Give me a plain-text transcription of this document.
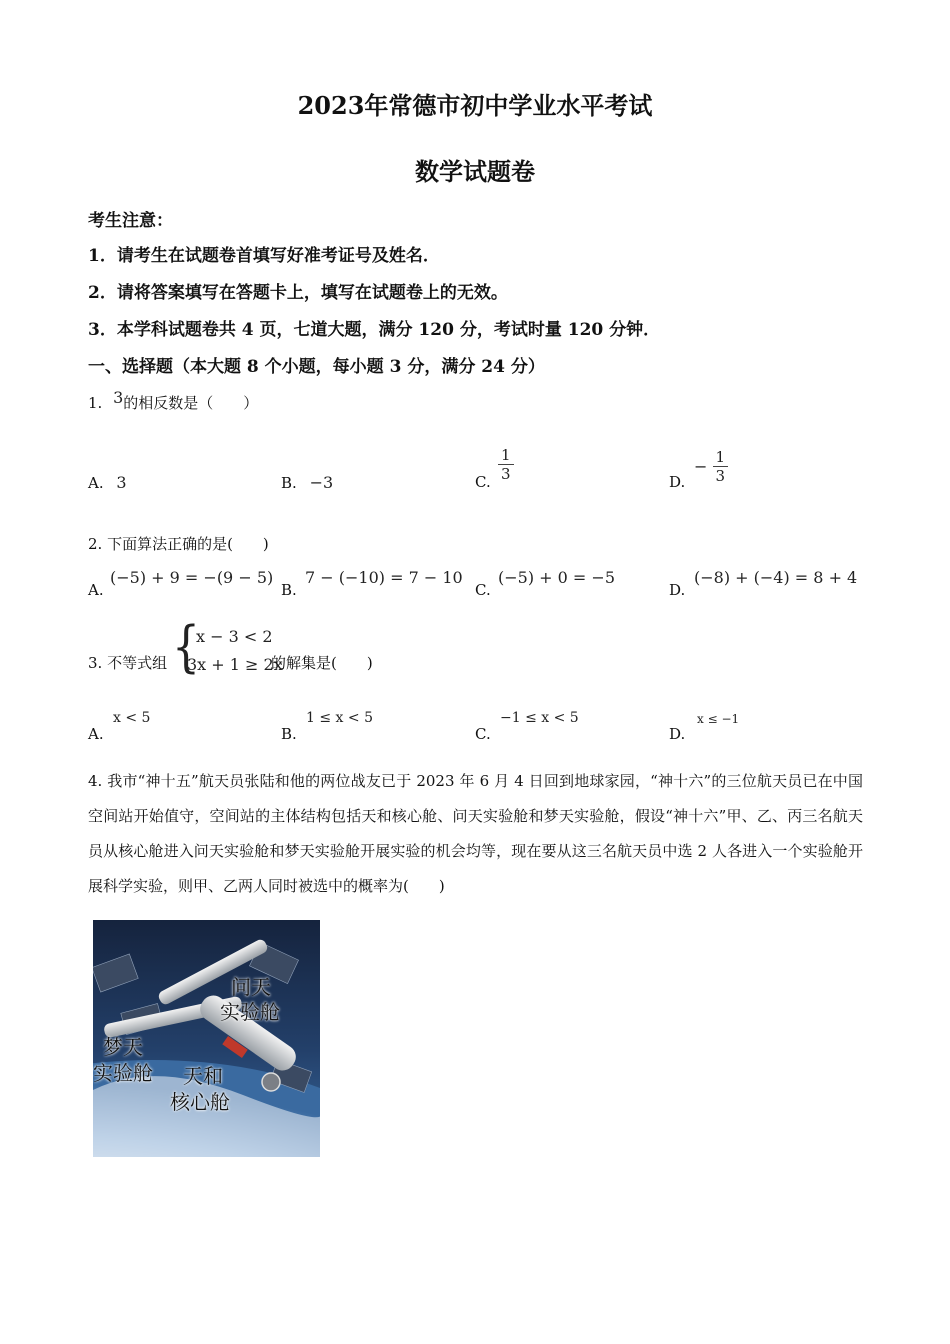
2023年常德市初中学业水平考试
数学试题卷
考生注意：
1．请考生在试题卷首填写好准考证号及姓名．
2．请将答案填写在答题卡上，填写在试题卷上的无效。
3．本学科试题卷共 4 页，七道大题，满分 120 分，考试时量 120 分钟．
一、选择题（本大题 8 个小题，每小题 3 分，满分 24 分）
1. 3的相反数是（　　）
A. 3	B. −3	C. $\frac{1}{3}$	D.
− $\frac{1}{3}$
2. 下面算法正确的是(　　)
A.
(−5) + 9 = −(9 − 5)
B.
7 − (−10) = 7 − 10
C.
(−5) + 0 = −5
D.
(−8) + (−4) = 8 + 4
3. 不等式组 {
x − 3 < 2
3x + 1 ≥ 2x
的解集是(　　)
A.
x < 5
B.
1 ≤ x < 5
C.
−1 ≤ x < 5
D.
x ≤ −1
4. 我市“神十五”航天员张陆和他的两位战友已于 2023 年 6 月 4 日回到地球家园，“神十六”的三位航天员已在中国空间站开始值守，空间站的主体结构包括天和核心舱、问天实验舱和梦天实验舱，假设“神十六”甲、乙、丙三名航天员从核心舱进入问天实验舱和梦天实验舱开展实验的机会均等，现在要从这三名航天员中选 2 人各进入一个实验舱开展科学实验，则甲、乙两人同时被选中的概率为(　　)
问天
实验舱
梦天
实验舱 天和
核心舱
